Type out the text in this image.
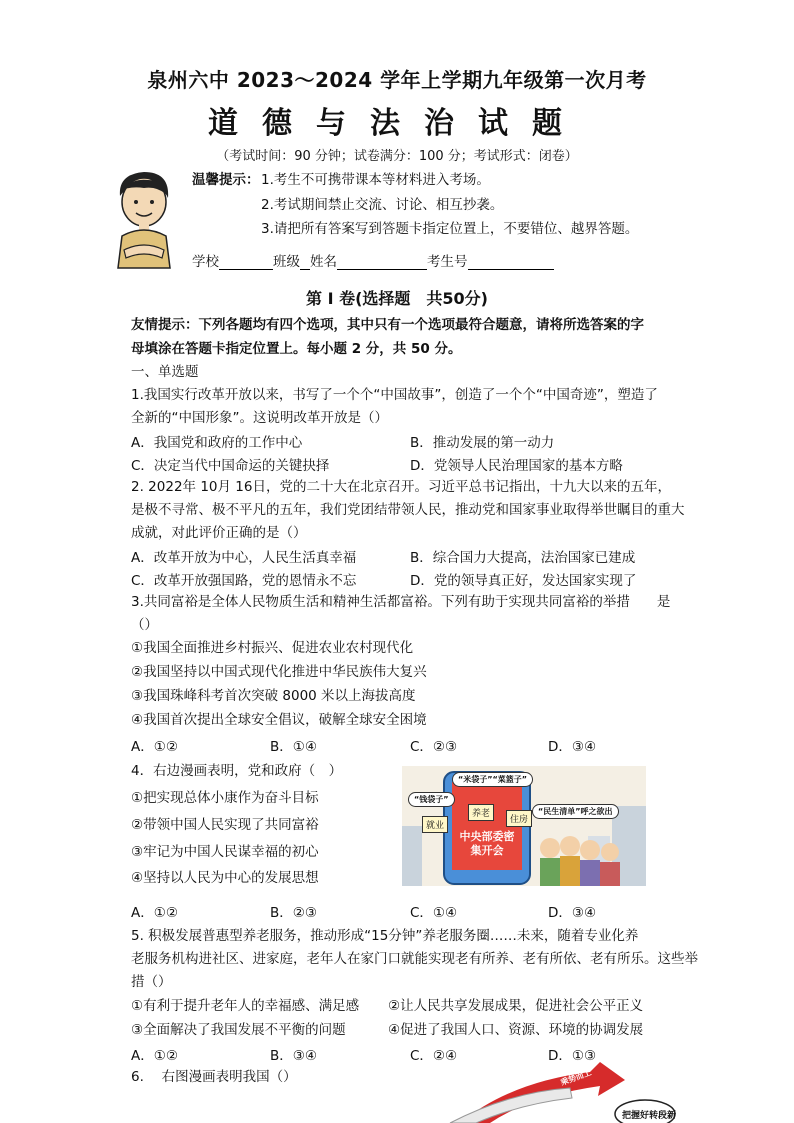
泉州六中 2023～2024 学年上学期九年级第一次月考
道德与法治试题
（考试时间：90 分钟；试卷满分：100 分；考试形式：闭卷）
温馨提示： 1.考生不可携带课本等材料进入考场。
2.考试期间禁止交流、讨论、相互抄袭。
3.请把所有答案写到答题卡指定位置上，不要错位、越界答题。
学校	班级 姓名	考生号
第 I 卷(选择题　共50分)
友情提示：下列各题均有四个选项，其中只有一个选项最符合题意，请将所选答案的字
母填涂在答题卡指定位置上。每小题 2 分，共 50 分。
一、单选题
1.我国实行改革开放以来，书写了一个个“中国故事”，创造了一个个“中国奇迹”，塑造了
全新的“中国形象”。这说明改革开放是（）
A．我国党和政府的工作中心	B．推动发展的第一动力
C．决定当代中国命运的关键抉择	D．党领导人民治理国家的基本方略
2. 2022年 10月 16日，党的二十大在北京召开。习近平总书记指出，十九大以来的五年，
是极不寻常、极不平凡的五年，我们党团结带领人民，推动党和国家事业取得举世瞩目的重大
成就，对此评价正确的是（）
A．改革开放为中心，人民生活真幸福	B．综合国力大提高，法治国家已建成
C．改革开放强国路，党的恩情永不忘	D．党的领导真正好，发达国家实现了
3.共同富裕是全体人民物质生活和精神生活都富裕。下列有助于实现共同富裕的举措　　是
（）
①我国全面推进乡村振兴、促进农业农村现代化
②我国坚持以中国式现代化推进中华民族伟大复兴
③我国珠峰科考首次突破 8000 米以上海拔高度
④我国首次提出全球安全倡议，破解全球安全困境
A．①②	B．①④	C．②③	D．③④
4．右边漫画表明，党和政府（　）
①把实现总体小康作为奋斗目标
②带领中国人民实现了共同富裕
③牢记为中国人民谋幸福的初心
④坚持以人民为中心的发展思想
A．①②	B．②③	C．①④	D．③④
“米袋子”“菜篮子”
“钱袋子”
“民生清单”呼之欲出
就业
养老
住房
中央部委密集开会
5. 积极发展普惠型养老服务，推动形成“15分钟”养老服务圈……未来，随着专业化养
老服务机构进社区、进家庭，老年人在家门口就能实现老有所养、老有所依、老有所乐。这些举
措（）
①有利于提升老年人的幸福感、满足感 ②让人民共享发展成果，促进社会公平正义
③全面解决了我国发展不平衡的问题	④促进了我国人口、资源、环境的协调发展
A．①②	B．③④	C．②④	D．①③
6.　 右图漫画表明我国（）	乘势而上
把握好转段新
